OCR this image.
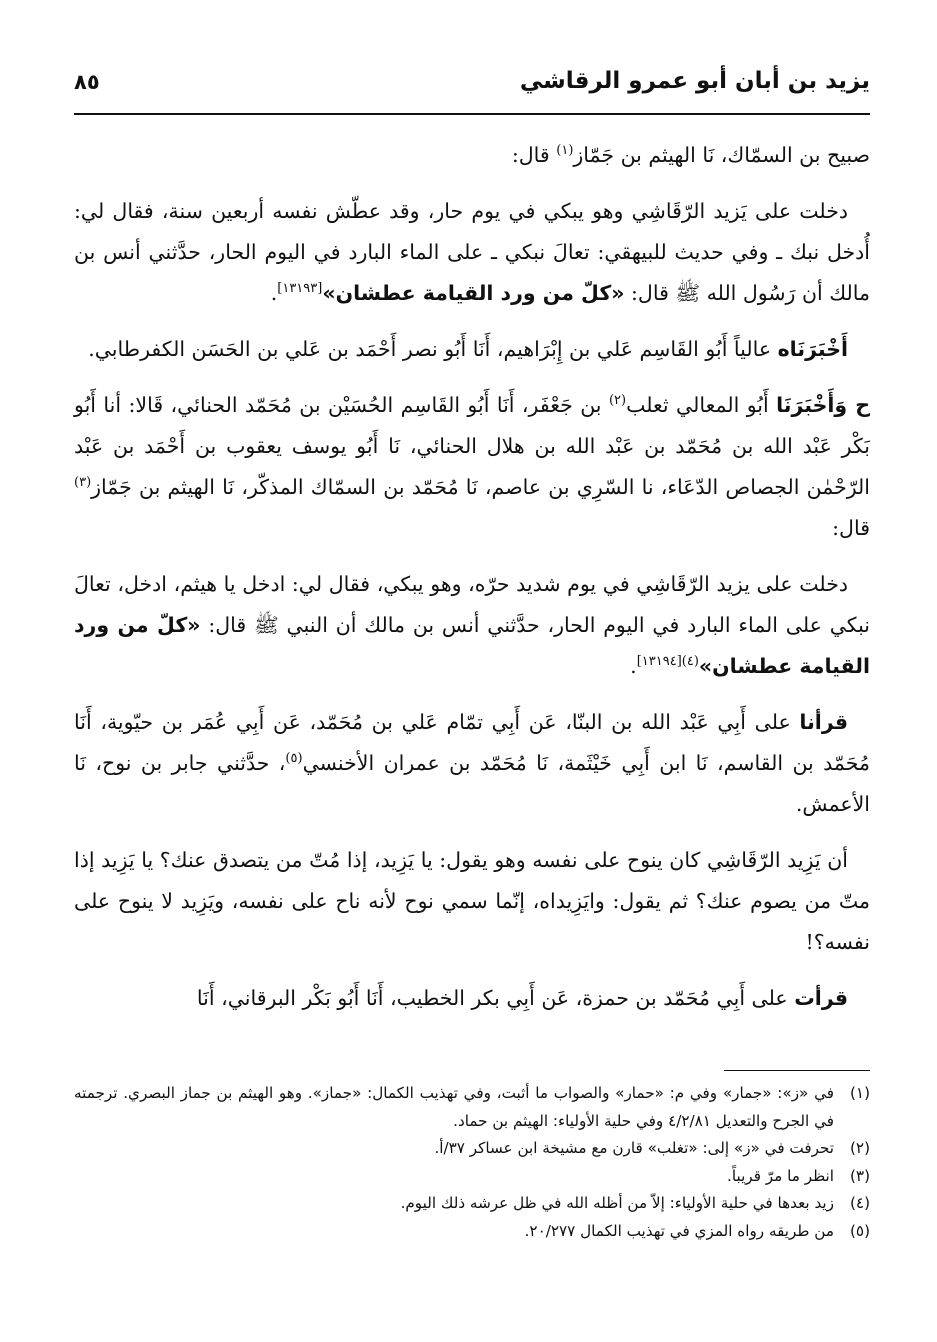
يزيد بن أبان أبو عمرو الرقاشي
٨٥

صبيح بن السمّاك، نَا الهيثم بن جَمّاز$^{(١)}$ قال:

دخلت على يَزيد الرّقَاشِي وهو يبكي في يوم حار، وقد عطّش نفسه أربعين سنة، فقال لي: أُدخل نبك ـ وفي حديث للبيهقي: تعالَ نبكي ـ على الماء البارد في اليوم الحار، حدَّثني أنس بن مالك أن رَسُول الله ﷺ قال: «كلّ من ورد القيامة عطشان»[١٣١٩٣].

أَخْبَرَنَاه عالياً أَبُو القَاسِم عَلي بن إِبْرَاهيم، أَنَا أَبُو نصر أَحْمَد بن عَلي بن الحَسَن الكفرطابي.

ح وَأَخْبَرَنَا أَبُو المعالي ثعلب$^{(٢)}$ بن جَعْفَر، أَنَا أَبُو القَاسِم الحُسَيْن بن مُحَمّد الحنائي، قَالا: أنا أَبُو بَكْر عَبْد الله بن مُحَمّد بن عَبْد الله بن هلال الحنائي، نَا أَبُو يوسف يعقوب بن أَحْمَد بن عَبْد الرّحْمٰن الجصاص الدّعَاء، نا السّرِي بن عاصم، نَا مُحَمّد بن السمّاك المذكّر، نَا الهيثم بن جَمّاز$^{(٣)}$ قال:

دخلت على يزيد الرّقَاشِي في يوم شديد حرّه، وهو يبكي، فقال لي: ادخل يا هيثم، ادخل، تعالَ نبكي على الماء البارد في اليوم الحار، حدَّثني أنس بن مالك أن النبي ﷺ قال: «كلّ من ورد القيامة عطشان»$^{(٤)[١٣١٩٤]}$.

قرأنا على أَبِي عَبْد الله بن البنّا، عَن أَبِي تمّام عَلي بن مُحَمّد، عَن أَبِي عُمَر بن حيّوية، أَنَا مُحَمّد بن القاسم، نَا ابن أَبِي خَيْثَمة، نَا مُحَمّد بن عمران الأخنسي$^{(٥)}$، حدَّثني جابر بن نوح، نَا الأعمش.

أن يَزِيد الرّقَاشِي كان ينوح على نفسه وهو يقول: يا يَزِيد، إذا مُتّ من يتصدق عنك؟ يا يَزِيد إذا متّ من يصوم عنك؟ ثم يقول: وايَزِيداه، إنّما سمي نوح لأنه ناح على نفسه، ويَزِيد لا ينوح على نفسه؟!

قرأت على أَبِي مُحَمّد بن حمزة، عَن أَبِي بكر الخطيب، أَنَا أَبُو بَكْر البرقاني، أَنَا

(١)
في «ز»: «جمار» وفي م: «حمار» والصواب ما أثبت، وفي تهذيب الكمال: «جماز». وهو الهيثم بن جماز البصري. ترجمته في الجرح والتعديل ٤/٢/٨١ وفي حلية الأولياء: الهيثم بن حماد.
(٢)
تحرفت في «ز» إلى: «تغلب» قارن مع مشيخة ابن عساكر ٣٧/أ.
(٣)
انظر ما مرّ قريباً.
(٤)
زيد بعدها في حلية الأولياء: إلاّ من أظله الله في ظل عرشه ذلك اليوم.
(٥)
من طريقه رواه المزي في تهذيب الكمال ٢٠/٢٧٧.
